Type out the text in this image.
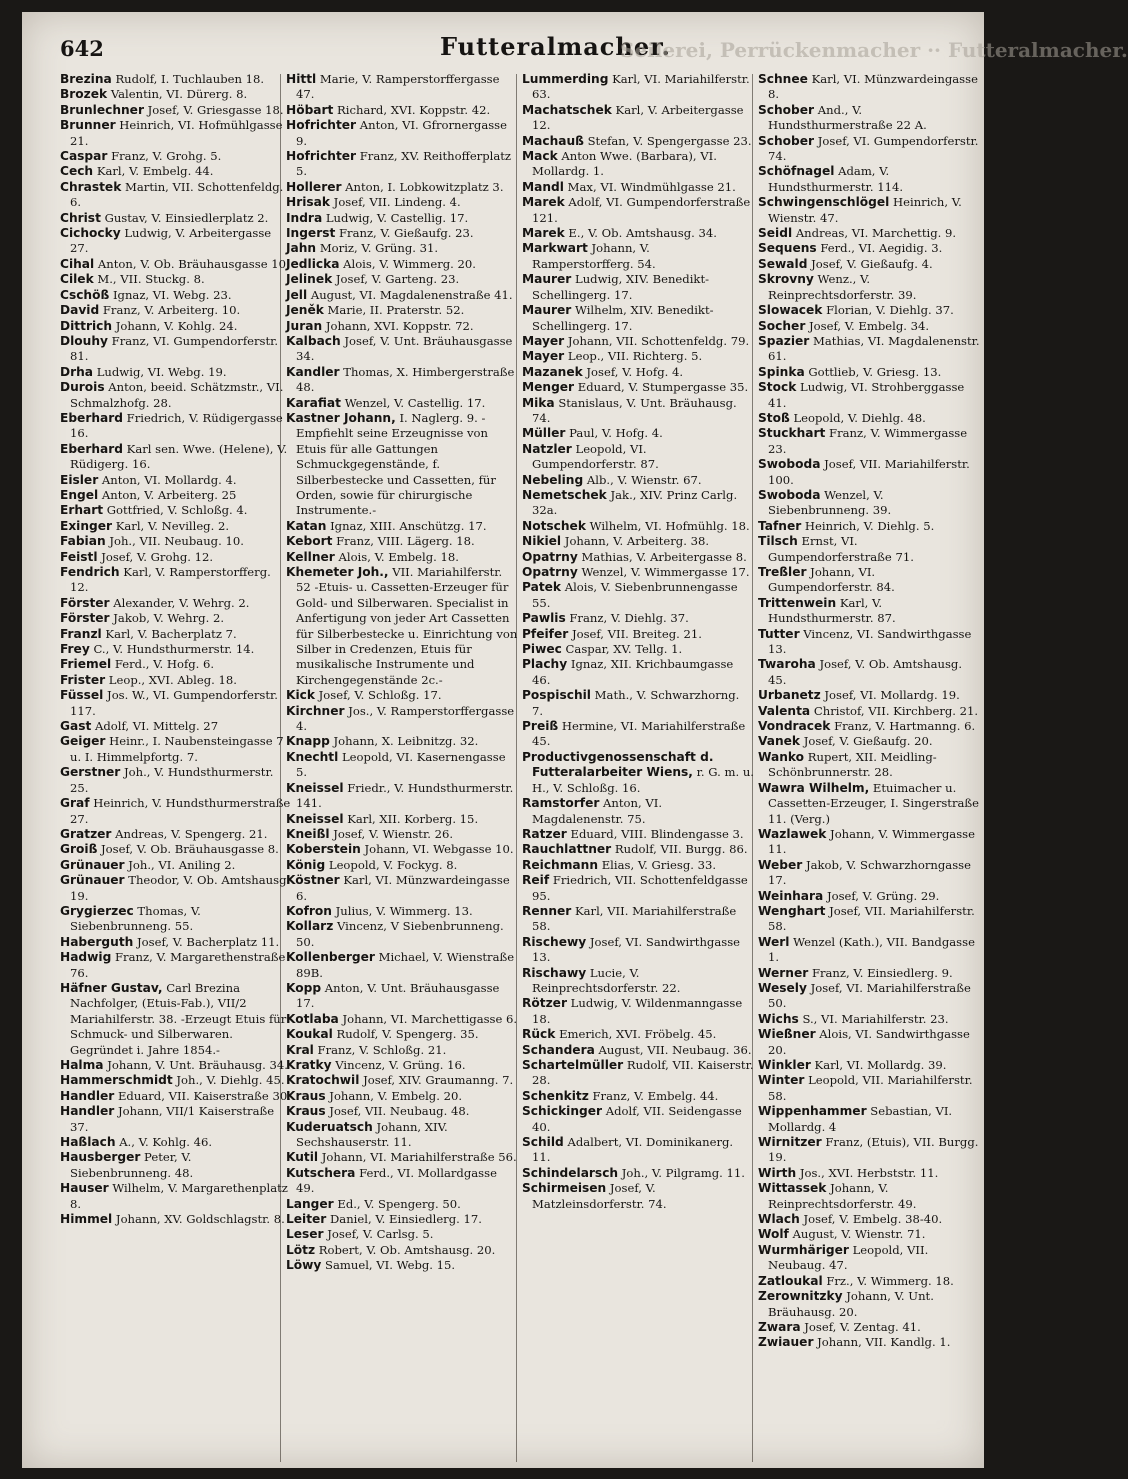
642	Futteralmacher.
Seilerei, Perrückenmacher ·· Futteralmacher.
Brezina Rudolf, I. Tuchlauben 18.
Brozek Valentin, VI. Dürerg. 8.
Brunlechner Josef, V. Griesgasse 18.
Brunner Heinrich, VI. Hofmühlgasse 21.
Caspar Franz, V. Grohg. 5.
Cech Karl, V. Embelg. 44.
Chrastek Martin, VII. Schottenfeldg. 6.
Christ Gustav, V. Einsiedlerplatz 2.
Cichocky Ludwig, V. Arbeitergasse 27.
Cihal Anton, V. Ob. Bräuhausgasse 10.
Cilek M., VII. Stuckg. 8.
Cschöß Ignaz, VI. Webg. 23.
David Franz, V. Arbeiterg. 10.
Dittrich Johann, V. Kohlg. 24.
Dlouhy Franz, VI. Gumpendorferstr. 81.
Drha Ludwig, VI. Webg. 19.
Durois Anton, beeid. Schätzmstr., VI. Schmalzhofg. 28.
Eberhard Friedrich, V. Rüdigergasse 16.
Eberhard Karl sen. Wwe. (Helene), V. Rüdigerg. 16.
Eisler Anton, VI. Mollardg. 4.
Engel Anton, V. Arbeiterg. 25
Erhart Gottfried, V. Schloßg. 4.
Exinger Karl, V. Nevilleg. 2.
Fabian Joh., VII. Neubaug. 10.
Feistl Josef, V. Grohg. 12.
Fendrich Karl, V. Ramperstorfferg. 12.
Förster Alexander, V. Wehrg. 2.
Förster Jakob, V. Wehrg. 2.
Franzl Karl, V. Bacherplatz 7.
Frey C., V. Hundsthurmerstr. 14.
Friemel Ferd., V. Hofg. 6.
Frister Leop., XVI. Ableg. 18.
Füssel Jos. W., VI. Gumpendorferstr. 117.
Gast Adolf, VI. Mittelg. 27
Geiger Heinr., I. Naubensteingasse 7 u. I. Himmelpfortg. 7.
Gerstner Joh., V. Hundsthurmerstr. 25.
Graf Heinrich, V. Hundsthurmerstraße 27.
Gratzer Andreas, V. Spengerg. 21.
Groiß Josef, V. Ob. Bräuhausgasse 8.
Grünauer Joh., VI. Aniling 2.
Grünauer Theodor, V. Ob. Amtshausg. 19.
Grygierzec Thomas, V. Siebenbrunneng. 55.
Haberguth Josef, V. Bacherplatz 11.
Hadwig Franz, V. Margarethenstraße 76.
Häfner Gustav, Carl Brezina Nachfolger, (Etuis-Fab.), VII/2 Mariahilferstr. 38. -Erzeugt Etuis für Schmuck- und Silberwaren. Gegründet i. Jahre 1854.-
Halma Johann, V. Unt. Bräuhausg. 34.
Hammerschmidt Joh., V. Diehlg. 45.
Handler Eduard, VII. Kaiserstraße 30.
Handler Johann, VII/1 Kaiserstraße 37.
Haßlach A., V. Kohlg. 46.
Hausberger Peter, V. Siebenbrunneng. 48.
Hauser Wilhelm, V. Margarethenplatz 8.
Himmel Johann, XV. Goldschlagstr. 8.
Hittl Marie, V. Ramperstorffergasse 47.
Höbart Richard, XVI. Koppstr. 42.
Hofrichter Anton, VI. Gfrornergasse 9.
Hofrichter Franz, XV. Reithofferplatz 5.
Hollerer Anton, I. Lobkowitzplatz 3.
Hrisak Josef, VII. Lindeng. 4.
Indra Ludwig, V. Castellig. 17.
Ingerst Franz, V. Gießaufg. 23.
Jahn Moriz, V. Grüng. 31.
Jedlicka Alois, V. Wimmerg. 20.
Jelinek Josef, V. Garteng. 23.
Jell August, VI. Magdalenenstraße 41.
Jeněk Marie, II. Praterstr. 52.
Juran Johann, XVI. Koppstr. 72.
Kalbach Josef, V. Unt. Bräuhausgasse 34.
Kandler Thomas, X. Himbergerstraße 48.
Karafiat Wenzel, V. Castellig. 17.
Kastner Johann, I. Naglerg. 9. -Empfiehlt seine Erzeugnisse von Etuis für alle Gattungen Schmuckgegenstände, f. Silberbestecke und Cassetten, für Orden, sowie für chirurgische Instrumente.-
Katan Ignaz, XIII. Anschützg. 17.
Kebort Franz, VIII. Lägerg. 18.
Kellner Alois, V. Embelg. 18.
Khemeter Joh., VII. Mariahilferstr. 52 -Etuis- u. Cassetten-Erzeuger für Gold- und Silberwaren. Specialist in Anfertigung von jeder Art Cassetten für Silberbestecke u. Einrichtung von Silber in Credenzen, Etuis für musikalische Instrumente und Kirchengegenstände 2c.-
Kick Josef, V. Schloßg. 17.
Kirchner Jos., V. Ramperstorffergasse 4.
Knapp Johann, X. Leibnitzg. 32.
Knechtl Leopold, VI. Kasernengasse 5.
Kneissel Friedr., V. Hundsthurmerstr. 141.
Kneissel Karl, XII. Korberg. 15.
Kneißl Josef, V. Wienstr. 26.
Koberstein Johann, VI. Webgasse 10.
König Leopold, V. Fockyg. 8.
Köstner Karl, VI. Münzwardeingasse 6.
Kofron Julius, V. Wimmerg. 13.
Kollarz Vincenz, V Siebenbrunneng. 50.
Kollenberger Michael, V. Wienstraße 89B.
Kopp Anton, V. Unt. Bräuhausgasse 17.
Kotlaba Johann, VI. Marchettigasse 6.
Koukal Rudolf, V. Spengerg. 35.
Kral Franz, V. Schloßg. 21.
Kratky Vincenz, V. Grüng. 16.
Kratochwil Josef, XIV. Graumanng. 7.
Kraus Johann, V. Embelg. 20.
Kraus Josef, VII. Neubaug. 48.
Kuderuatsch Johann, XIV. Sechshauserstr. 11.
Kutil Johann, VI. Mariahilferstraße 56.
Kutschera Ferd., VI. Mollardgasse 49.
Langer Ed., V. Spengerg. 50.
Leiter Daniel, V. Einsiedlerg. 17.
Leser Josef, V. Carlsg. 5.
Lötz Robert, V. Ob. Amtshausg. 20.
Löwy Samuel, VI. Webg. 15.
Lummerding Karl, VI. Mariahilferstr. 63.
Machatschek Karl, V. Arbeitergasse 12.
Machauß Stefan, V. Spengergasse 23.
Mack Anton Wwe. (Barbara), VI. Mollardg. 1.
Mandl Max, VI. Windmühlgasse 21.
Marek Adolf, VI. Gumpendorferstraße 121.
Marek E., V. Ob. Amtshausg. 34.
Markwart Johann, V. Ramperstorfferg. 54.
Maurer Ludwig, XIV. Benedikt-Schellingerg. 17.
Maurer Wilhelm, XIV. Benedikt-Schellingerg. 17.
Mayer Johann, VII. Schottenfeldg. 79.
Mayer Leop., VII. Richterg. 5.
Mazanek Josef, V. Hofg. 4.
Menger Eduard, V. Stumpergasse 35.
Mika Stanislaus, V. Unt. Bräuhausg. 74.
Müller Paul, V. Hofg. 4.
Natzler Leopold, VI. Gumpendorferstr. 87.
Nebeling Alb., V. Wienstr. 67.
Nemetschek Jak., XIV. Prinz Carlg. 32a.
Notschek Wilhelm, VI. Hofmühlg. 18.
Nikiel Johann, V. Arbeiterg. 38.
Opatrny Mathias, V. Arbeitergasse 8.
Opatrny Wenzel, V. Wimmergasse 17.
Patek Alois, V. Siebenbrunnengasse 55.
Pawlis Franz, V. Diehlg. 37.
Pfeifer Josef, VII. Breiteg. 21.
Piwec Caspar, XV. Tellg. 1.
Plachy Ignaz, XII. Krichbaumgasse 46.
Pospischil Math., V. Schwarzhorng. 7.
Preiß Hermine, VI. Mariahilferstraße 45.
Productivgenossenschaft d. Futteralarbeiter Wiens, r. G. m. u. H., V. Schloßg. 16.
Ramstorfer Anton, VI. Magdalenenstr. 75.
Ratzer Eduard, VIII. Blindengasse 3.
Rauchlattner Rudolf, VII. Burgg. 86.
Reichmann Elias, V. Griesg. 33.
Reif Friedrich, VII. Schottenfeldgasse 95.
Renner Karl, VII. Mariahilferstraße 58.
Rischewy Josef, VI. Sandwirthgasse 13.
Rischawy Lucie, V. Reinprechtsdorferstr. 22.
Rötzer Ludwig, V. Wildenmanngasse 18.
Rück Emerich, XVI. Fröbelg. 45.
Schandera August, VII. Neubaug. 36.
Schartelmüller Rudolf, VII. Kaiserstr. 28.
Schenkitz Franz, V. Embelg. 44.
Schickinger Adolf, VII. Seidengasse 40.
Schild Adalbert, VI. Dominikanerg. 11.
Schindelarsch Joh., V. Pilgramg. 11.
Schirmeisen Josef, V. Matzleinsdorferstr. 74.
Schnee Karl, VI. Münzwardeingasse 8.
Schober And., V. Hundsthurmerstraße 22 A.
Schober Josef, VI. Gumpendorferstr. 74.
Schöfnagel Adam, V. Hundsthurmerstr. 114.
Schwingenschlögel Heinrich, V. Wienstr. 47.
Seidl Andreas, VI. Marchettig. 9.
Sequens Ferd., VI. Aegidig. 3.
Sewald Josef, V. Gießaufg. 4.
Skrovny Wenz., V. Reinprechtsdorferstr. 39.
Slowacek Florian, V. Diehlg. 37.
Socher Josef, V. Embelg. 34.
Spazier Mathias, VI. Magdalenenstr. 61.
Spinka Gottlieb, V. Griesg. 13.
Stock Ludwig, VI. Strohberggasse 41.
Stoß Leopold, V. Diehlg. 48.
Stuckhart Franz, V. Wimmergasse 23.
Swoboda Josef, VII. Mariahilferstr. 100.
Swoboda Wenzel, V. Siebenbrunneng. 39.
Tafner Heinrich, V. Diehlg. 5.
Tilsch Ernst, VI. Gumpendorferstraße 71.
Treßler Johann, VI. Gumpendorferstr. 84.
Trittenwein Karl, V. Hundsthurmerstr. 87.
Tutter Vincenz, VI. Sandwirthgasse 13.
Twaroha Josef, V. Ob. Amtshausg. 45.
Urbanetz Josef, VI. Mollardg. 19.
Valenta Christof, VII. Kirchberg. 21.
Vondracek Franz, V. Hartmanng. 6.
Vanek Josef, V. Gießaufg. 20.
Wanko Rupert, XII. Meidling-Schönbrunnerstr. 28.
Wawra Wilhelm, Etuimacher u. Cassetten-Erzeuger, I. Singerstraße 11. (Verg.)
Wazlawek Johann, V. Wimmergasse 11.
Weber Jakob, V. Schwarzhorngasse 17.
Weinhara Josef, V. Grüng. 29.
Wenghart Josef, VII. Mariahilferstr. 58.
Werl Wenzel (Kath.), VII. Bandgasse 1.
Werner Franz, V. Einsiedlerg. 9.
Wesely Josef, VI. Mariahilferstraße 50.
Wichs S., VI. Mariahilferstr. 23.
Wießner Alois, VI. Sandwirthgasse 20.
Winkler Karl, VI. Mollardg. 39.
Winter Leopold, VII. Mariahilferstr. 58.
Wippenhammer Sebastian, VI. Mollardg. 4
Wirnitzer Franz, (Etuis), VII. Burgg. 19.
Wirth Jos., XVI. Herbststr. 11.
Wittassek Johann, V. Reinprechtsdorferstr. 49.
Wlach Josef, V. Embelg. 38-40.
Wolf August, V. Wienstr. 71.
Wurmhäriger Leopold, VII. Neubaug. 47.
Zatloukal Frz., V. Wimmerg. 18.
Zerownitzky Johann, V. Unt. Bräuhausg. 20.
Zwara Josef, V. Zentag. 41.
Zwiauer Johann, VII. Kandlg. 1.
